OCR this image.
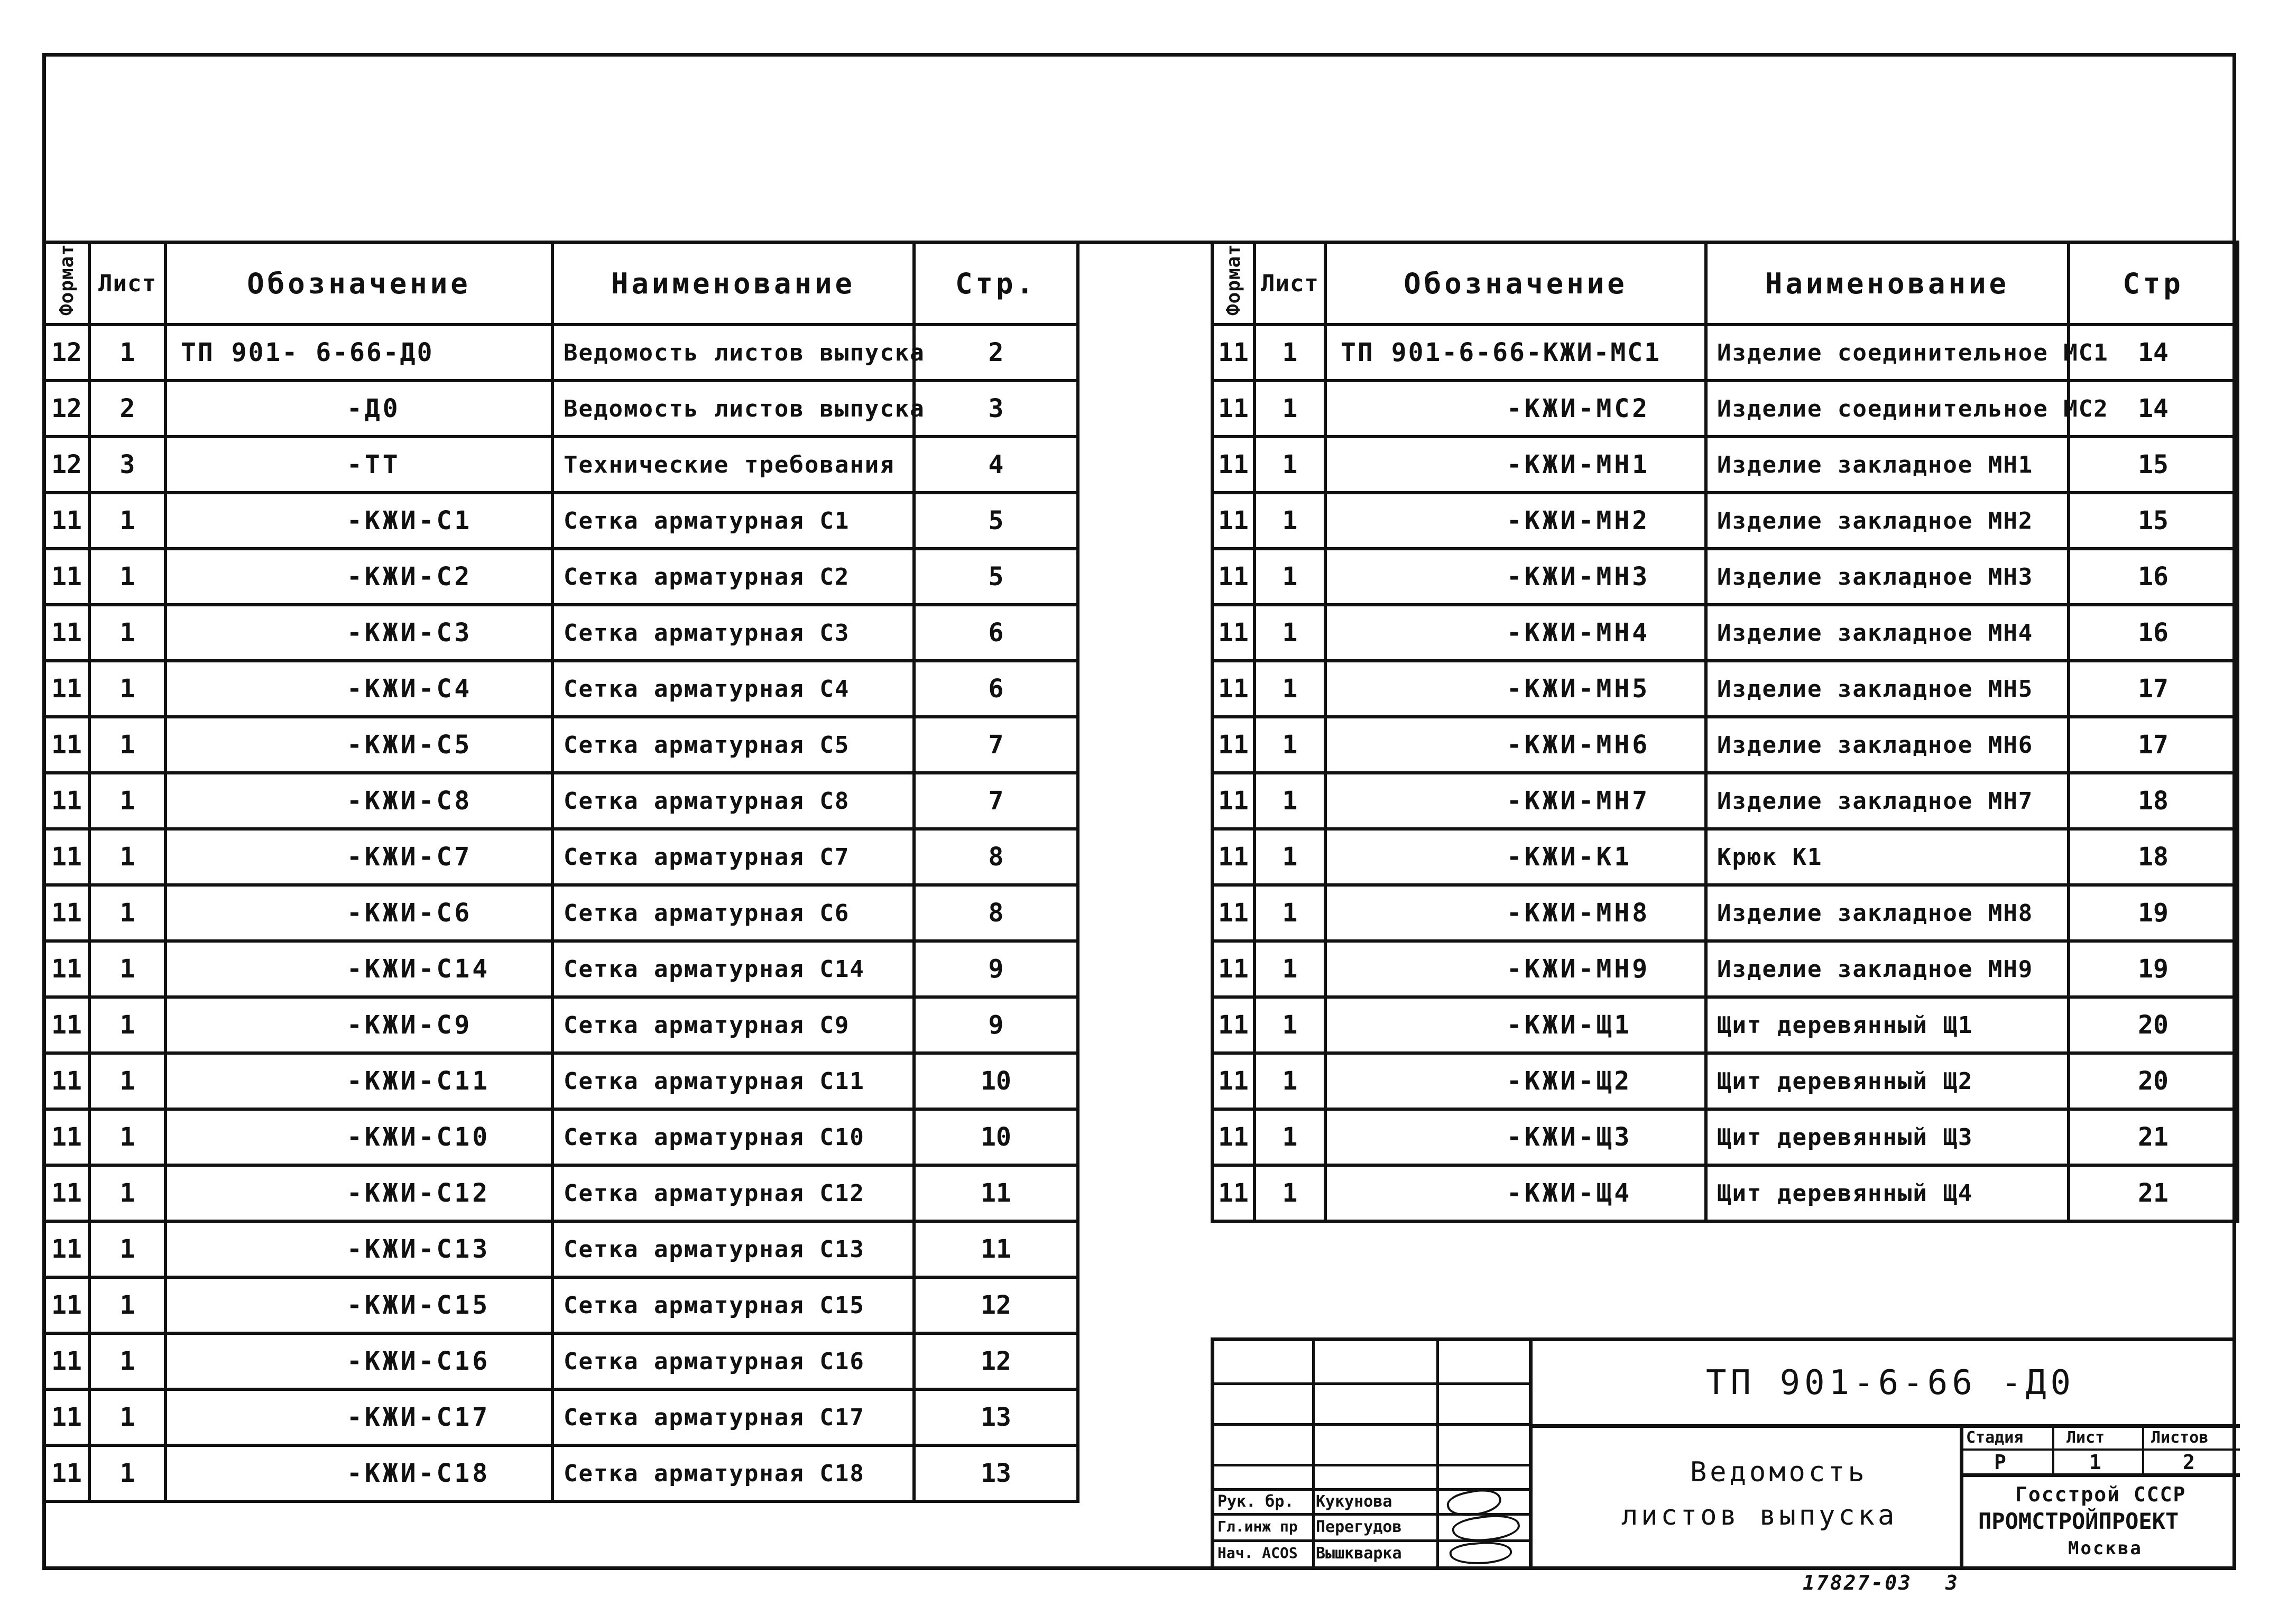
Формат	Лист	Обозначение	Наименование	Стр.
12	1	ТП 901- 6-66-Д0	Ведомость листов выпуска	2
12	2	-Д0	Ведомость листов выпуска	3
12	3	-ТТ	Технические требования	4
11	1	-КЖИ-С1	Сетка арматурная С1	5
11	1	-КЖИ-С2	Сетка арматурная С2	5
11	1	-КЖИ-С3	Сетка арматурная С3	6
11	1	-КЖИ-С4	Сетка арматурная С4	6
11	1	-КЖИ-С5	Сетка арматурная С5	7
11	1	-КЖИ-С8	Сетка арматурная С8	7
11	1	-КЖИ-С7	Сетка арматурная С7	8
11	1	-КЖИ-С6	Сетка арматурная С6	8
11	1	-КЖИ-С14	Сетка арматурная С14	9
11	1	-КЖИ-С9	Сетка арматурная С9	9
11	1	-КЖИ-С11	Сетка арматурная С11	10
11	1	-КЖИ-С10	Сетка арматурная С10	10
11	1	-КЖИ-С12	Сетка арматурная С12	11
11	1	-КЖИ-С13	Сетка арматурная С13	11
11	1	-КЖИ-С15	Сетка арматурная С15	12
11	1	-КЖИ-С16	Сетка арматурная С16	12
11	1	-КЖИ-С17	Сетка арматурная С17	13
11	1	-КЖИ-С18	Сетка арматурная С18	13
Формат	Лист	Обозначение	Наименование	Стр
11	1	ТП 901-6-66-КЖИ-МС1	Изделие соединительное МС1	14
11	1	-КЖИ-МС2	Изделие соединительное МС2	14
11	1	-КЖИ-МН1	Изделие закладное МН1	15
11	1	-КЖИ-МН2	Изделие закладное МН2	15
11	1	-КЖИ-МН3	Изделие закладное МН3	16
11	1	-КЖИ-МН4	Изделие закладное МН4	16
11	1	-КЖИ-МН5	Изделие закладное МН5	17
11	1	-КЖИ-МН6	Изделие закладное МН6	17
11	1	-КЖИ-МН7	Изделие закладное МН7	18
11	1	-КЖИ-К1	Крюк К1	18
11	1	-КЖИ-МН8	Изделие закладное МН8	19
11	1	-КЖИ-МН9	Изделие закладное МН9	19
11	1	-КЖИ-Щ1	Щит деревянный Щ1	20
11	1	-КЖИ-Щ2	Щит деревянный Щ2	20
11	1	-КЖИ-Щ3	Щит деревянный Щ3	21
11	1	-КЖИ-Щ4	Щит деревянный Щ4	21
ТП 901-6-66 -Д0
Ведомость
листов выпуска
Стадия	Лист	Листов
Р	1	2
Госстрой СССР
ПРОМСТРОЙПРОЕКТ
Москва
Рук. бр. Кукунова
Гл.инж пр Перегудов
Нач. АСОS Вышкварка
17827-03 3
